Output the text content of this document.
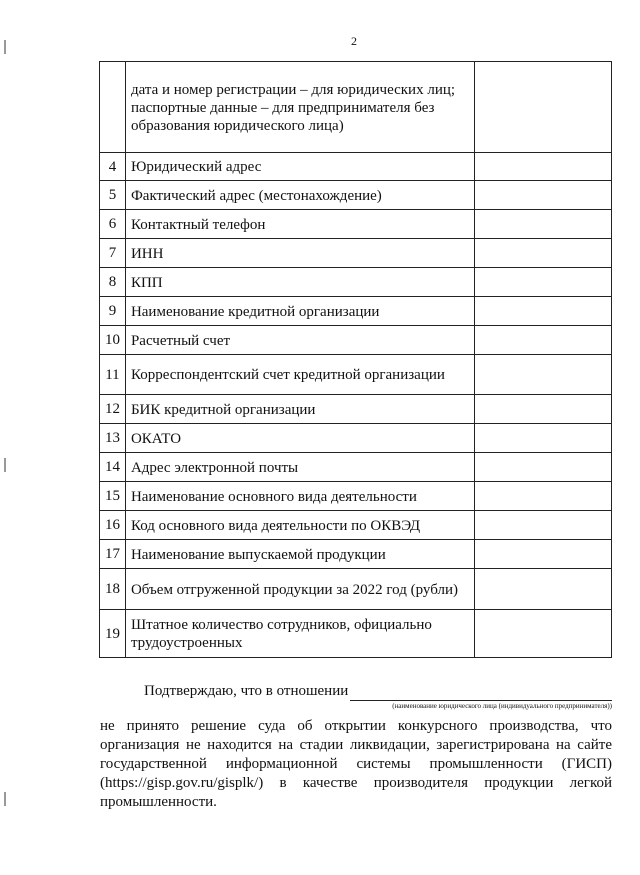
2
	дата и номер регистрации – для юридических лиц;
паспортные данные – для предпринимателя без образования юридического лица)	
4	Юридический адрес	
5	Фактический адрес (местонахождение)	
6	Контактный телефон	
7	ИНН	
8	КПП	
9	Наименование кредитной организации	
10	Расчетный счет	
11	Корреспондентский счет кредитной организации	
12	БИК кредитной организации	
13	ОКАТО	
14	Адрес электронной почты	
15	Наименование основного вида деятельности	
16	Код основного вида деятельности по ОКВЭД	
17	Наименование выпускаемой продукции	
18	Объем отгруженной продукции за 2022 год (рубли)	
19	Штатное количество сотрудников, официально трудоустроенных	
Подтверждаю, что в отношении
(наименование юридического лица (индивидуального предпринимателя))
не принято решение суда об открытии конкурсного производства, что организация не находится на стадии ликвидации, зарегистрирована на сайте государственной информационной системы промышленности (ГИСП) (https://gisp.gov.ru/gisplk/) в качестве производителя продукции легкой промышленности.
